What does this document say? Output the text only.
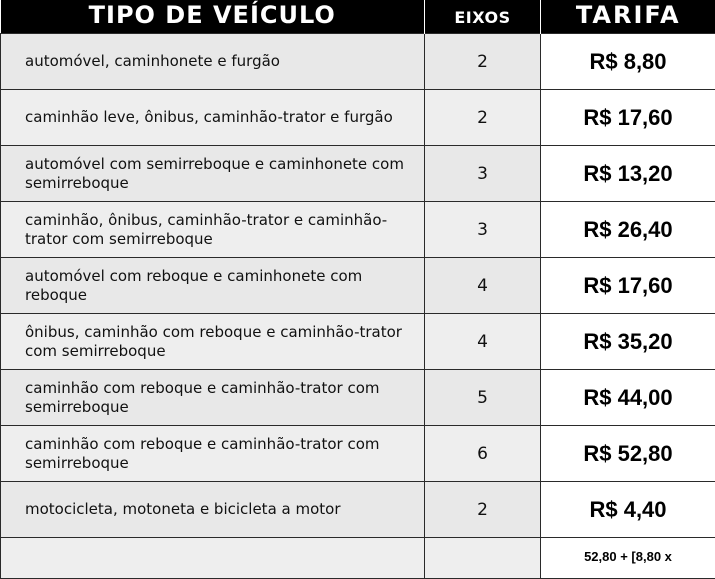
TIPO DE VEÍCULO	EIXOS	TARIFA

automóvel, caminhonete e furgão	2	R$ 8,80

caminhão leve, ônibus, caminhão-trator e furgão	2	R$ 17,60

automóvel com semirreboque e caminhonete com semirreboque	3	R$ 13,20

caminhão, ônibus, caminhão-trator e caminhão-trator com semirreboque	3	R$ 26,40

automóvel com reboque e caminhonete com reboque	4	R$ 17,60

ônibus, caminhão com reboque e caminhão-trator com semirreboque	4	R$ 35,20

caminhão com reboque e caminhão-trator com semirreboque	5	R$ 44,00

caminhão com reboque e caminhão-trator com semirreboque	6	R$ 52,80

motocicleta, motoneta e bicicleta a motor	2	R$ 4,40

		52,80 + [8,80 x
